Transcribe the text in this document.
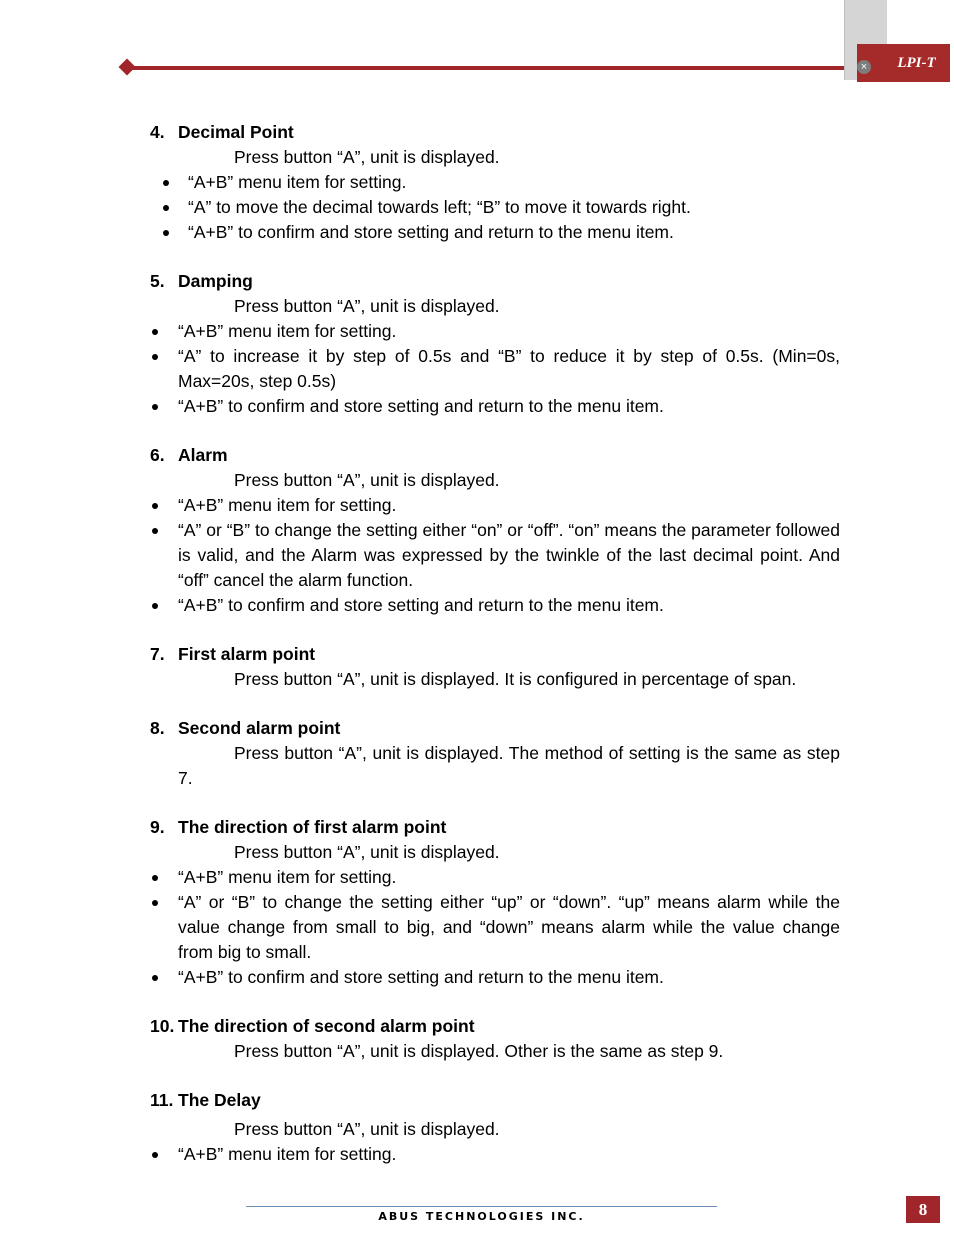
LPI-T
×
4. Decimal Point
Press button “A”, unit is displayed.
“A+B” menu item for setting.
“A” to move the decimal towards left; “B” to move it towards right.
“A+B” to confirm and store setting and return to the menu item.
5. Damping
Press button “A”, unit is displayed.
“A+B” menu item for setting.
“A” to increase it by step of 0.5s and “B” to reduce it by step of 0.5s. (Min=0s, Max=20s, step 0.5s)
“A+B” to confirm and store setting and return to the menu item.
6. Alarm
Press button “A”, unit is displayed.
“A+B” menu item for setting.
“A” or “B” to change the setting either “on” or “off”. “on” means the parameter followed is valid, and the Alarm was expressed by the twinkle of the last decimal point. And “off” cancel the alarm function.
“A+B” to confirm and store setting and return to the menu item.
7. First alarm point
Press button “A”, unit is displayed. It is configured in percentage of span.
8. Second alarm point
Press button “A”, unit is displayed. The method of setting is the same as step 7.
9. The direction of first alarm point
Press button “A”, unit is displayed.
“A+B” menu item for setting.
“A” or “B” to change the setting either “up” or “down”. “up” means alarm while the value change from small to big, and “down” means alarm while the value change from big to small.
“A+B” to confirm and store setting and return to the menu item.
10. The direction of second alarm point
Press button “A”, unit is displayed. Other is the same as step 9.
11. The Delay
Press button “A”, unit is displayed.
“A+B” menu item for setting.
ABUS TECHNOLOGIES INC.	8
